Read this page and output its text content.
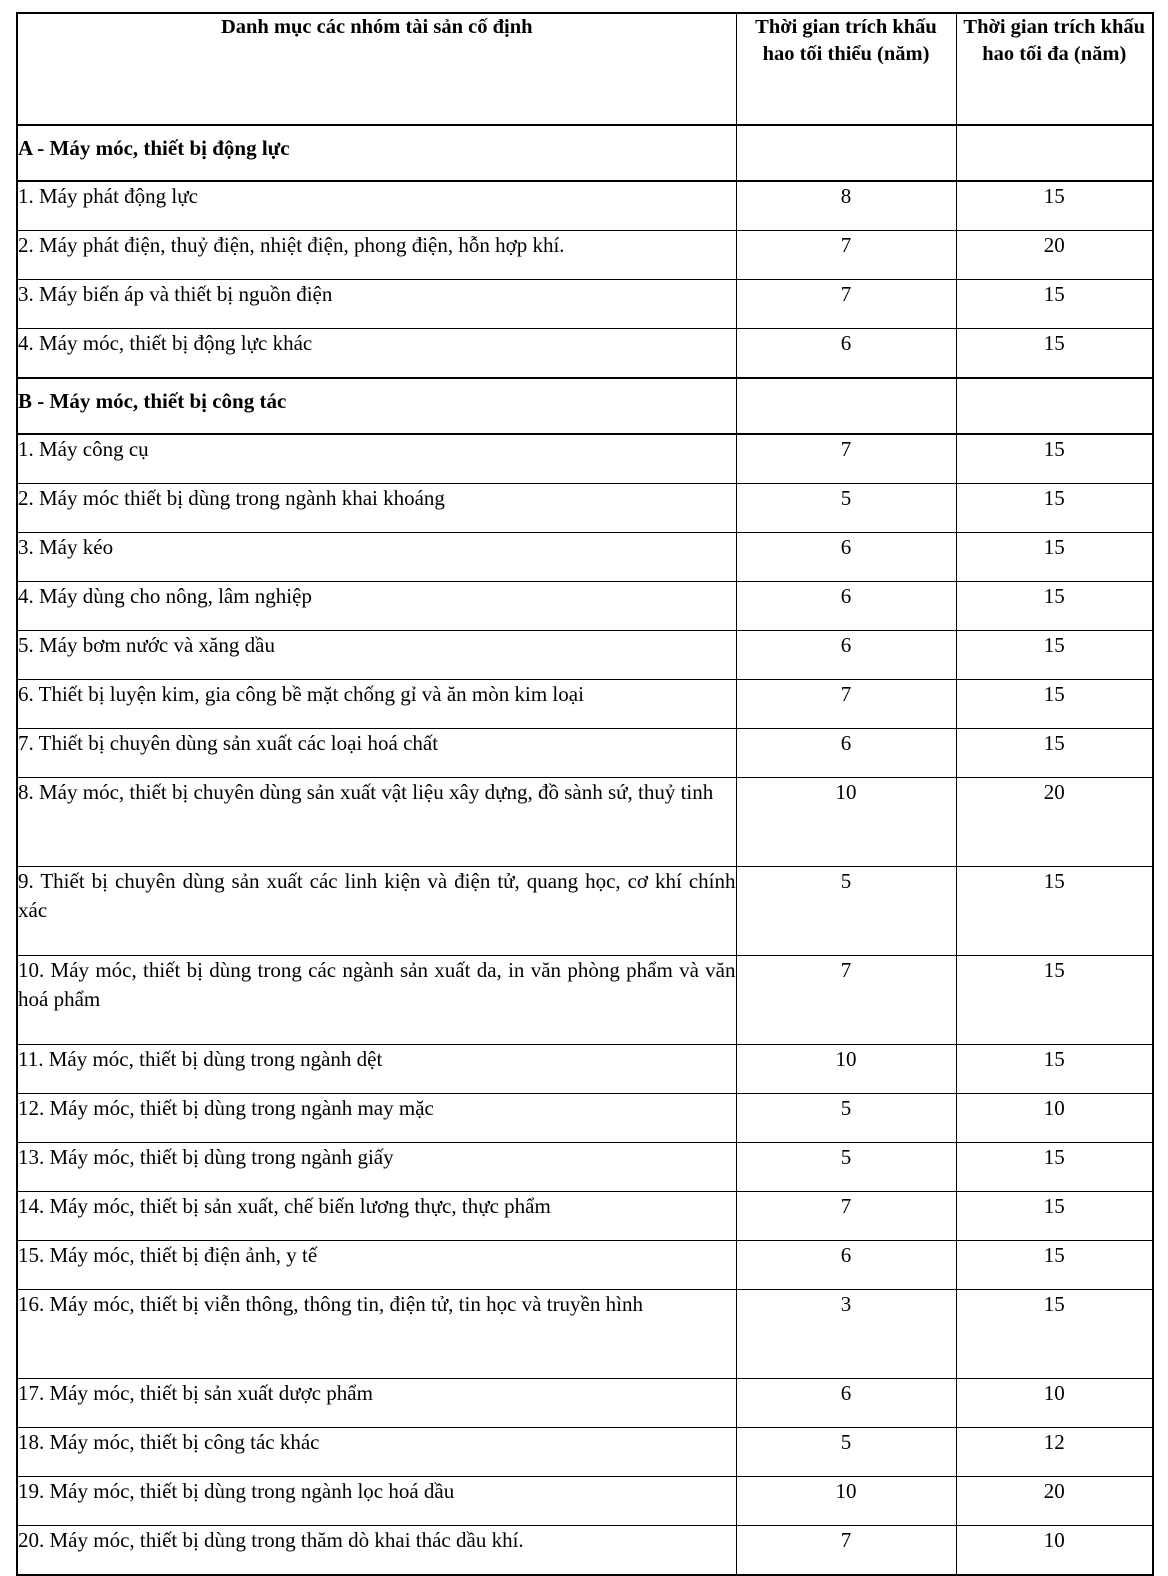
Danh mục các nhóm tài sản cố định	Thời gian trích khấu hao tối thiểu (năm)	Thời gian trích khấu hao tối đa (năm)

A - Máy móc, thiết bị động lực		
1. Máy phát động lực	8	15
2. Máy phát điện, thuỷ điện, nhiệt điện, phong điện, hỗn hợp khí.	7	20
3. Máy biến áp và thiết bị nguồn điện	7	15
4. Máy móc, thiết bị động lực khác	6	15
B - Máy móc, thiết bị công tác		
1. Máy công cụ	7	15
2. Máy móc thiết bị dùng trong ngành khai khoáng	5	15
3. Máy kéo	6	15
4. Máy dùng cho nông, lâm nghiệp	6	15
5. Máy bơm nước và xăng dầu	6	15
6. Thiết bị luyện kim, gia công bề mặt chống gỉ và ăn mòn kim loại	7	15
7. Thiết bị chuyên dùng sản xuất các loại hoá chất	6	15
8. Máy móc, thiết bị chuyên dùng sản xuất vật liệu xây dựng, đồ sành sứ, thuỷ tinh	10	20
9. Thiết bị chuyên dùng sản xuất các linh kiện và điện tử, quang học, cơ khí chính xác	5	15
10. Máy móc, thiết bị dùng trong các ngành sản xuất da, in văn phòng phẩm và văn hoá phẩm	7	15
11. Máy móc, thiết bị dùng trong ngành dệt	10	15
12. Máy móc, thiết bị dùng trong ngành may mặc	5	10
13. Máy móc, thiết bị dùng trong ngành giấy	5	15
14. Máy móc, thiết bị sản xuất, chế biến lương thực, thực phẩm	7	15
15. Máy móc, thiết bị điện ảnh, y tế	6	15
16. Máy móc, thiết bị viễn thông, thông tin, điện tử, tin học và truyền hình	3	15
17. Máy móc, thiết bị sản xuất dược phẩm	6	10
18. Máy móc, thiết bị công tác khác	5	12
19. Máy móc, thiết bị dùng trong ngành lọc hoá dầu	10	20
20. Máy móc, thiết bị dùng trong thăm dò khai thác dầu khí.	7	10
